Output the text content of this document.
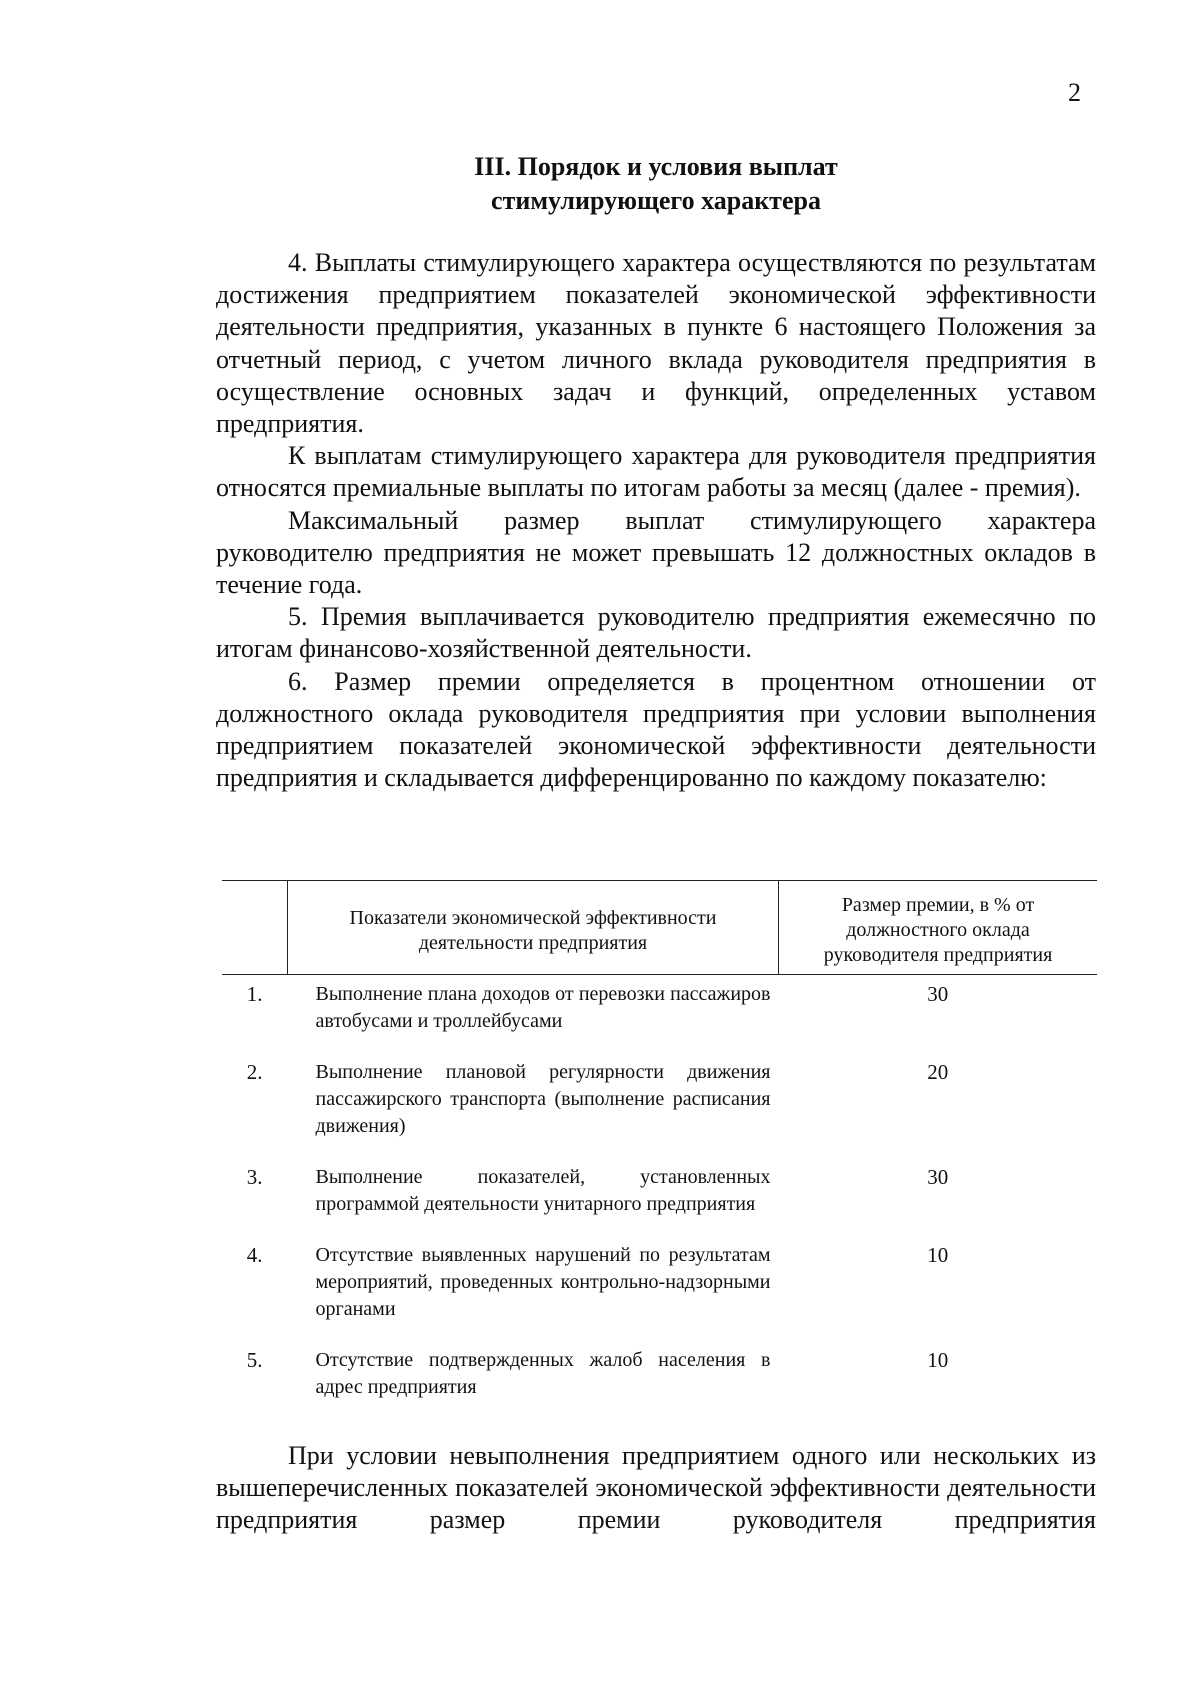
2
III. Порядок и условия выплат
стимулирующего характера

4. Выплаты стимулирующего характера осуществляются по результатам достижения предприятием показателей экономической эффективности деятельности предприятия, указанных в пункте 6 настоящего Положения за отчетный период, с учетом личного вклада руководителя предприятия в осуществление основных задач и функций, определенных уставом предприятия.

К выплатам стимулирующего характера для руководителя предприятия относятся премиальные выплаты по итогам работы за месяц (далее - премия).

Максимальный размер выплат стимулирующего характера руководителю предприятия не может превышать 12 должностных окладов в течение года.

5. Премия выплачивается руководителю предприятия ежемесячно по итогам финансово-хозяйственной деятельности.

6. Размер премии определяется в процентном отношении от должностного оклада руководителя предприятия при условии выполнения предприятием показателей экономической эффективности деятельности предприятия и складывается дифференцированно по каждому показателю:

	Показатели экономической эффективности деятельности предприятия	Размер премии, в % от должностного оклада руководителя предприятия
1.	Выполнение плана доходов от перевозки пассажиров автобусами и троллейбусами	30
2.	Выполнение плановой регулярности движения пассажирского транспорта (выполнение расписания движения)	20
3.	Выполнение показателей, установленных программой деятельности унитарного предприятия	30
4.	Отсутствие выявленных нарушений по результатам мероприятий, проведенных контрольно-надзорными органами	10
5.	Отсутствие подтвержденных жалоб населения в адрес предприятия	10

При условии невыполнения предприятием одного или нескольких из вышеперечисленных показателей экономической эффективности деятельности предприятия размер премии руководителя предприятия
